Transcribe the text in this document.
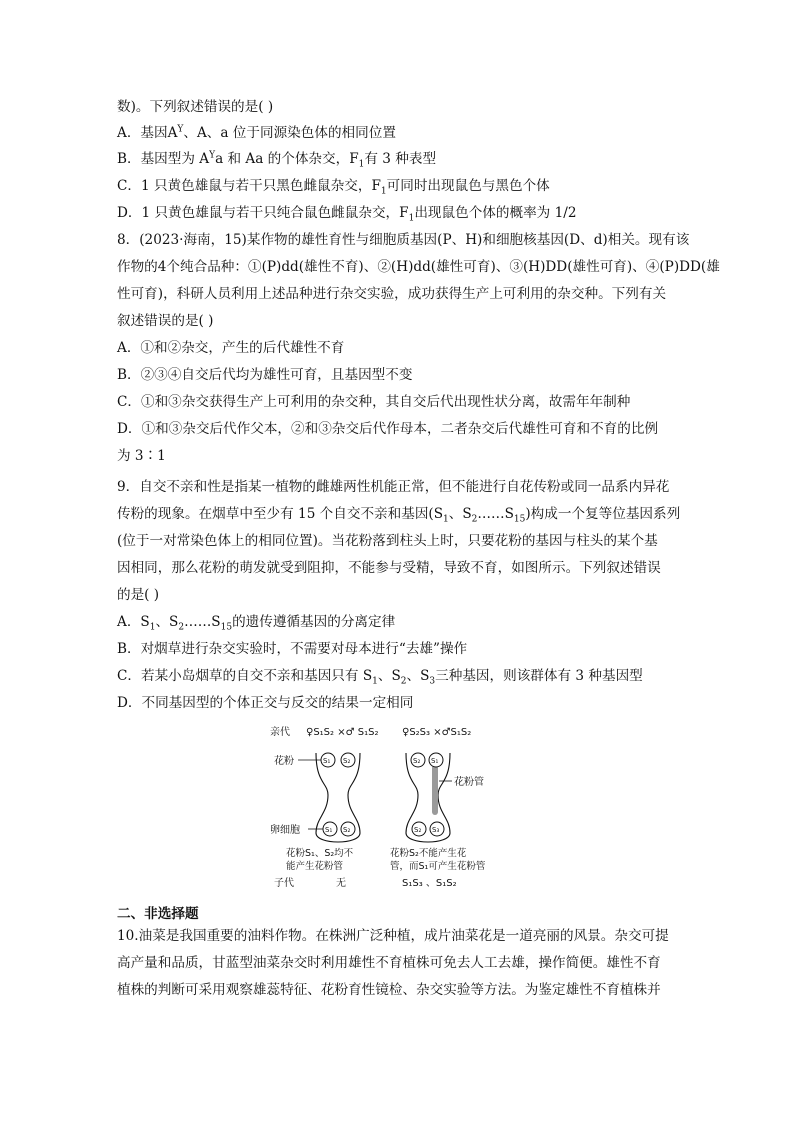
数)。下列叙述错误的是( )
A．基因$A^Y$、A、a 位于同源染色体的相同位置
B．基因型为 $A^Ya$ 和 Aa 的个体杂交，$F_1$有 3 种表型
C．1 只黄色雄鼠与若干只黑色雌鼠杂交，$F_1$可同时出现鼠色与黑色个体
D．1 只黄色雄鼠与若干只纯合鼠色雌鼠杂交，$F_1$出现鼠色个体的概率为 1/2
8．(2023·海南，15)某作物的雄性育性与细胞质基因(P、H)和细胞核基因(D、d)相关。现有该
作物的4个纯合品种：①(P)dd(雄性不育)、②(H)dd(雄性可育)、③(H)DD(雄性可育)、④(P)DD(雄
性可育)，科研人员利用上述品种进行杂交实验，成功获得生产上可利用的杂交种。下列有关
叙述错误的是( )
A．①和②杂交，产生的后代雄性不育
B．②③④自交后代均为雄性可育，且基因型不变
C．①和③杂交获得生产上可利用的杂交种，其自交后代出现性状分离，故需年年制种
D．①和③杂交后代作父本，②和③杂交后代作母本，二者杂交后代雄性可育和不育的比例
为 3∶1
9．自交不亲和性是指某一植物的雌雄两性机能正常，但不能进行自花传粉或同一品系内异花
传粉的现象。在烟草中至少有 15 个自交不亲和基因($S_1$、$S_2\dots\dots S_{15}$)构成一个复等位基因系列
(位于一对常染色体上的相同位置)。当花粉落到柱头上时，只要花粉的基因与柱头的某个基
因相同，那么花粉的萌发就受到阻抑，不能参与受精，导致不育，如图所示。下列叙述错误
的是( )
A．$S_1$、$S_2\dots\dots S_{15}$的遗传遵循基因的分离定律
B．对烟草进行杂交实验时，不需要对母本进行“去雄”操作
C．若某小岛烟草的自交不亲和基因只有 $S_1$、$S_2$、$S_3$三种基因，则该群体有 3 种基因型
D．不同基因型的个体正交与反交的结果一定相同
亲代 ♀S₁S₂ ×♂ S₁S₂ ♀S₂S₃ ×♂S₁S₂
S₁ S₂
S₁ S₂
花粉
卵细胞
S₂ S₁
S₂ S₃
花粉管
花粉S₁、S₂均不
能产生花粉管
花粉S₂不能产生花
管，而S₁可产生花粉管
子代	无	S₁S₃ 、S₁S₂
二、非选择题
10.油菜是我国重要的油料作物。在株洲广泛种植，成片油菜花是一道亮丽的风景。杂交可提
高产量和品质，甘蓝型油菜杂交时利用雄性不育植株可免去人工去雄，操作简便。雄性不育
植株的判断可采用观察雄蕊特征、花粉育性镜检、杂交实验等方法。为鉴定雄性不育植株并
